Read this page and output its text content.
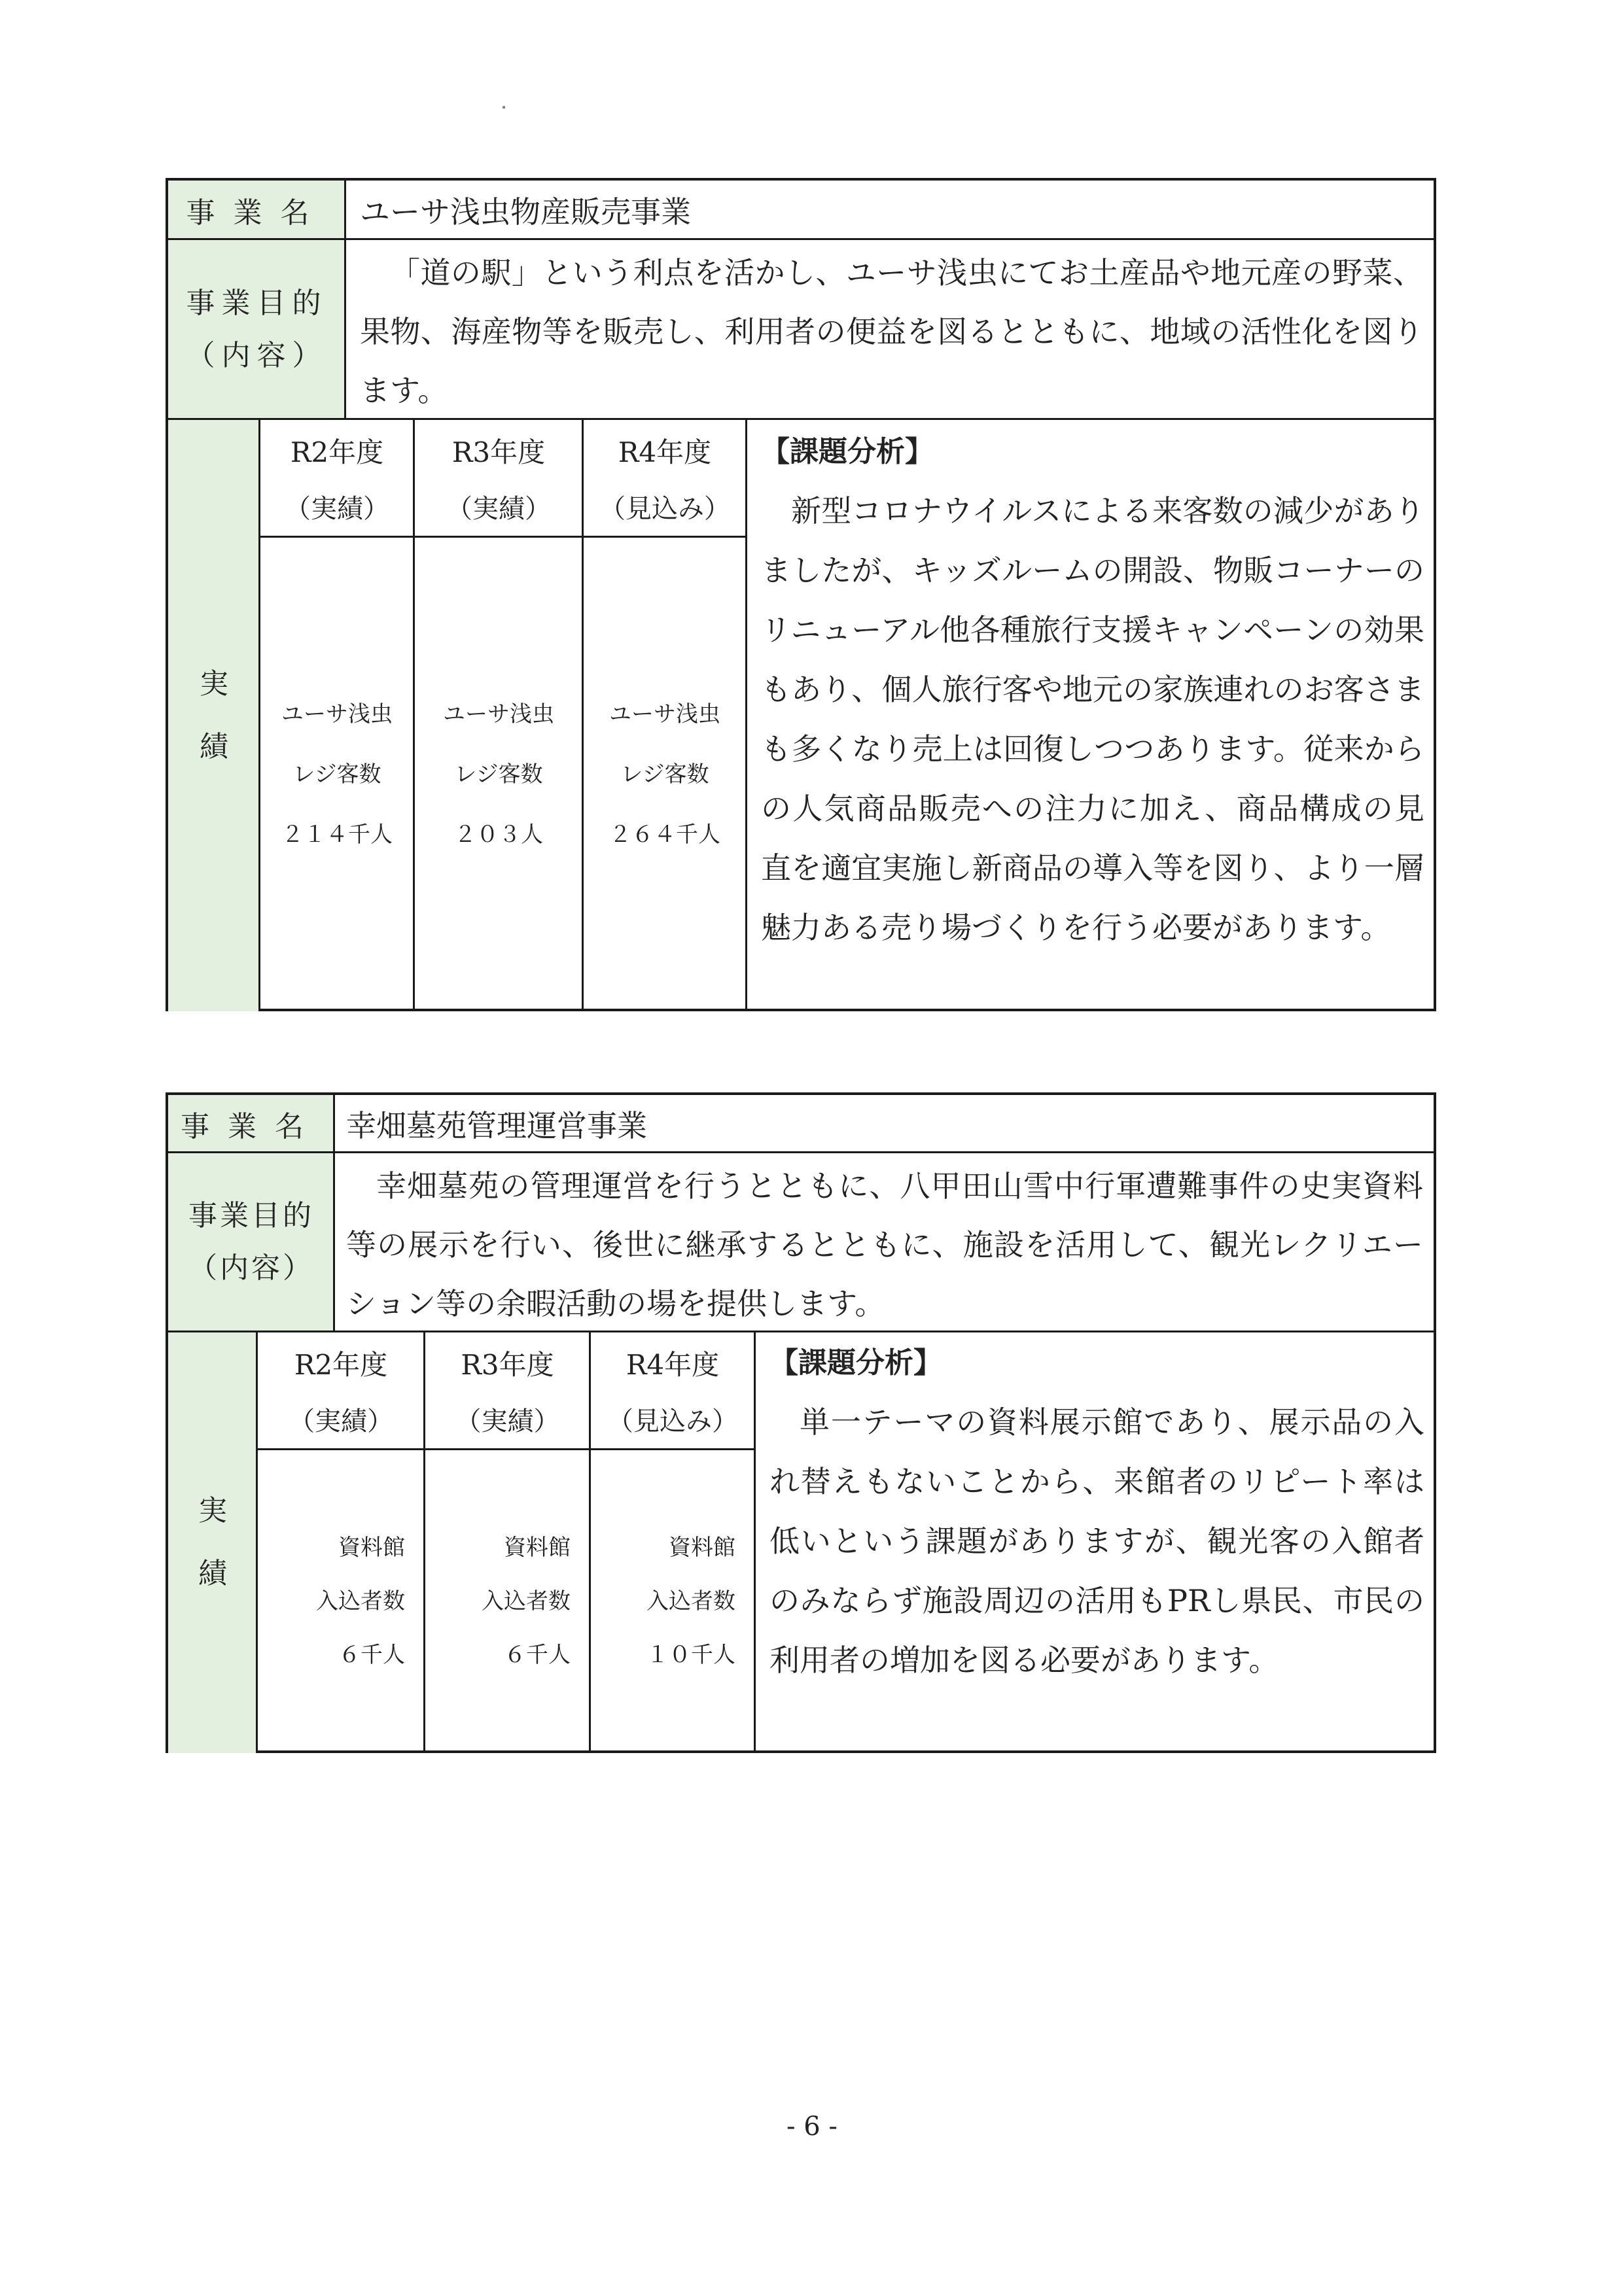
事業名	ユーサ浅虫物産販売事業
事業目的
（内容）
「道の駅」という利点を活かし、ユーサ浅虫にてお土産品や地元産の野菜、果物、海産物等を販売し、利用者の便益を図るとともに、地域の活性化を図ります。
実
績
R2年度
（実績）
R3年度
（実績）
R4年度
（見込み）
ユーサ浅虫
レジ客数
２１４千人
ユーサ浅虫
レジ客数
２０３人
ユーサ浅虫
レジ客数
２６４千人
【課題分析】
新型コロナウイルスによる来客数の減少がありましたが、キッズルームの開設、物販コーナーのリニューアル他各種旅行支援キャンペーンの効果もあり、個人旅行客や地元の家族連れのお客さまも多くなり売上は回復しつつあります。従来からの人気商品販売への注力に加え、商品構成の見直を適宜実施し新商品の導入等を図り、より一層魅力ある売り場づくりを行う必要があります。
事業名 幸畑墓苑管理運営事業
事業目的
（内容）
幸畑墓苑の管理運営を行うとともに、八甲田山雪中行軍遭難事件の史実資料等の展示を行い、後世に継承するとともに、施設を活用して、観光レクリエーション等の余暇活動の場を提供します。
実
績
R2年度
（実績）
R3年度
（実績）
R4年度
（見込み）
資料館
入込者数
６千人
資料館
入込者数
６千人
資料館
入込者数
１０千人
【課題分析】
単一テーマの資料展示館であり、展示品の入れ替えもないことから、来館者のリピート率は低いという課題がありますが、観光客の入館者のみならず施設周辺の活用もPRし県民、市民の利用者の増加を図る必要があります。
- 6 -
